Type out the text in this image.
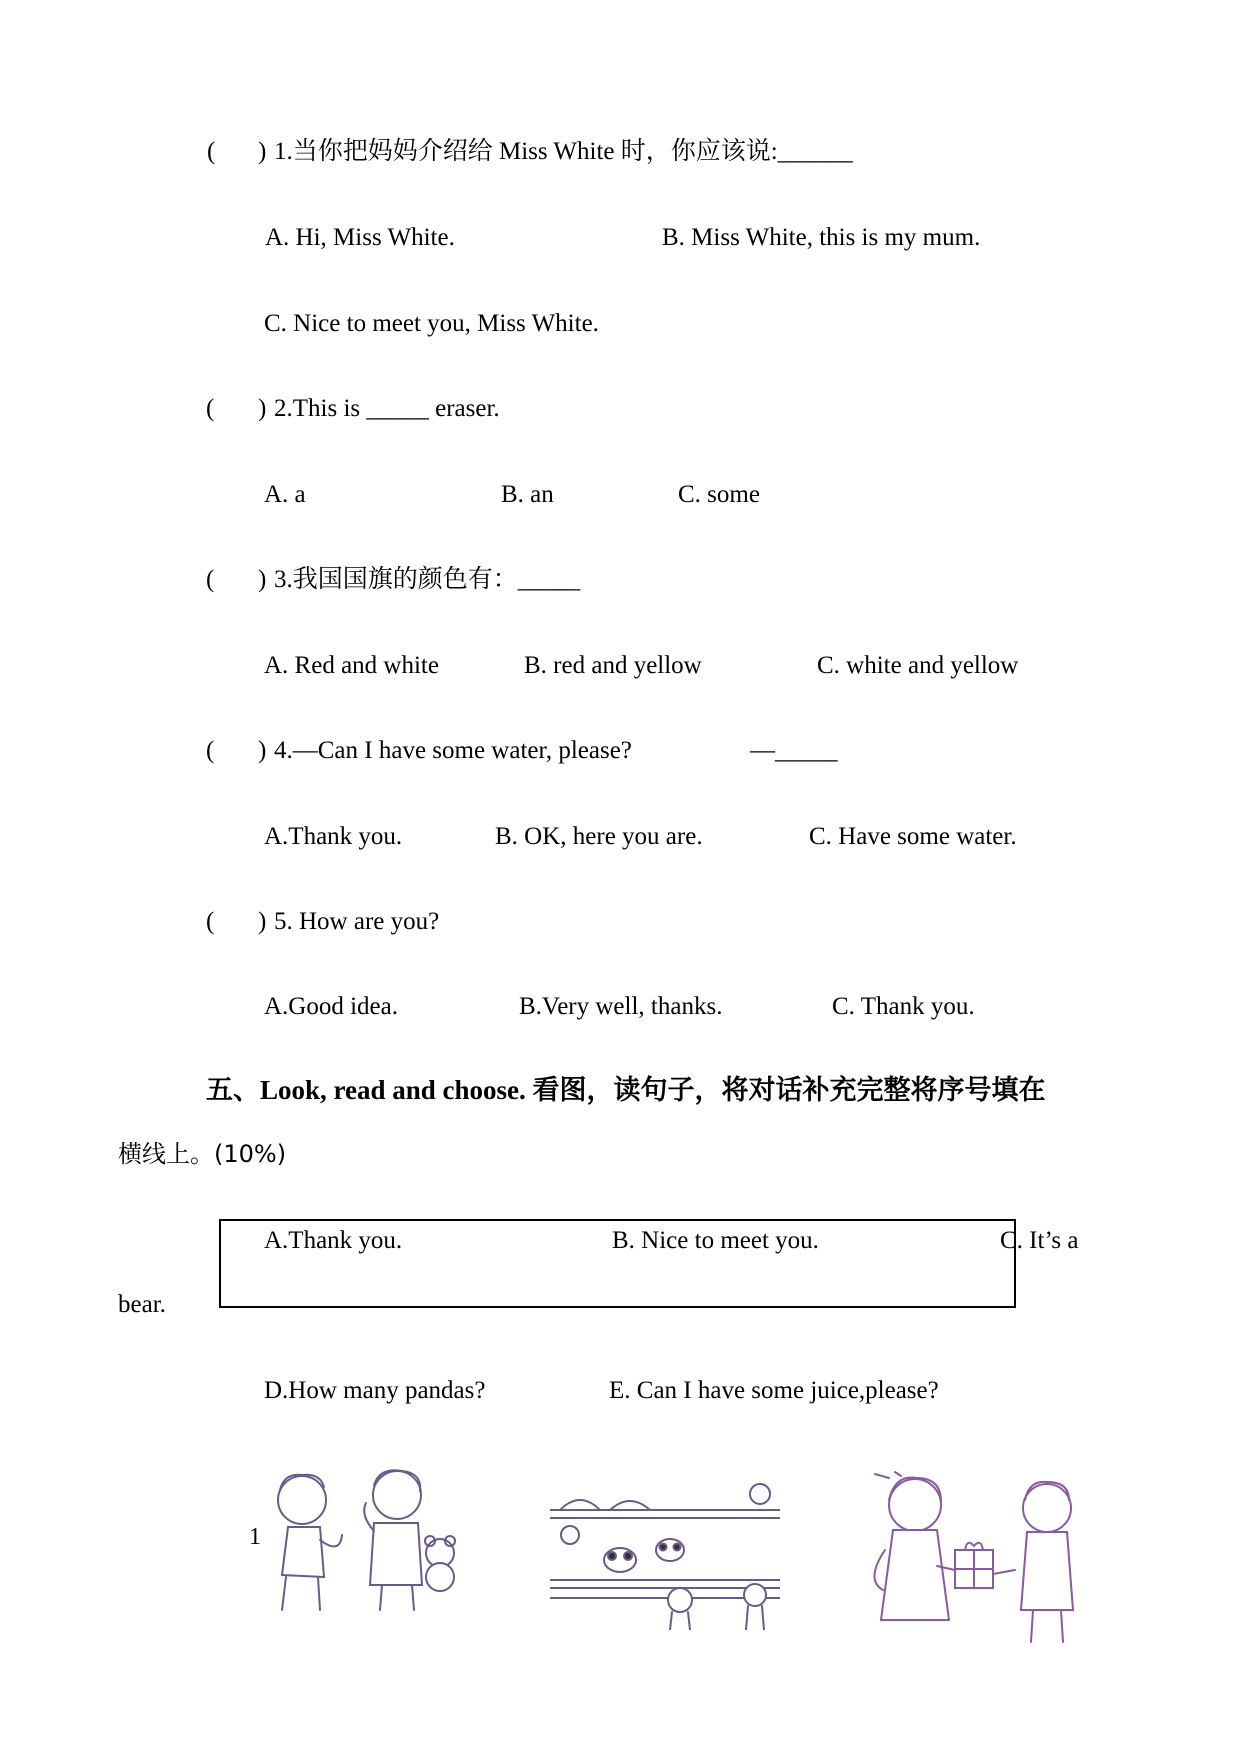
( ) 1.当你把妈妈介绍给 Miss White 时，你应该说:______
A. Hi, Miss White.	B. Miss White, this is my mum.
C. Nice to meet you, Miss White.
( ) 2.This is _____ eraser.
A. a	B. an	C. some
( ) 3.我国国旗的颜色有：_____
A. Red and white	B. red and yellow	C. white and yellow
( ) 4.—Can I have some water, please?	—_____
A.Thank you.	B. OK, here you are.	C. Have some water.
( ) 5. How are you?
A.Good idea.	B.Very well, thanks.	C. Thank you.
五、Look, read and choose. 看图，读句子，将对话补充完整将序号填在
横线上。(10%)
A.Thank you.	B. Nice to meet you.	C. It’s a
bear.
D.How many pandas?	E. Can I have some juice,please?
1
